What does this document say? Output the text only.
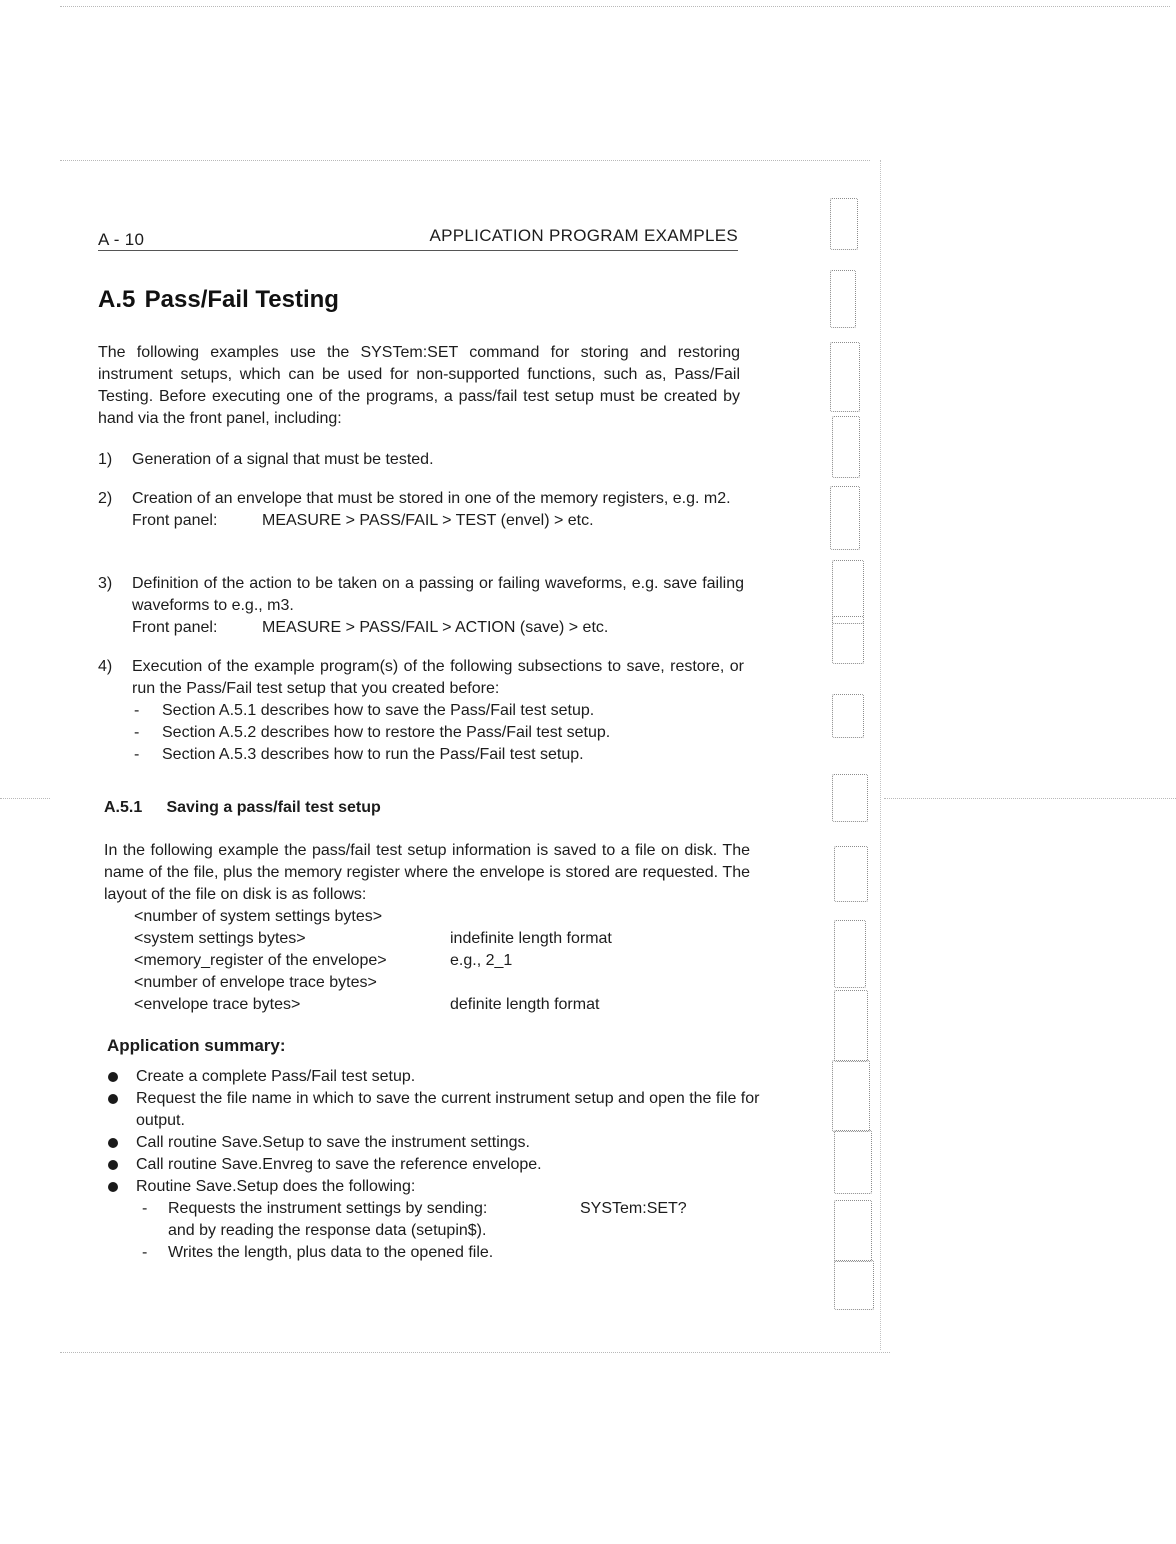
A - 10	APPLICATION PROGRAM EXAMPLES
A.5 Pass/Fail Testing
The following examples use the SYSTem:SET command for storing and restoring instrument setups, which can be used for non-supported functions, such as, Pass/Fail Testing. Before executing one of the programs, a pass/fail test setup must be created by hand via the front panel, including:
1) Generation of a signal that must be tested.
2) Creation of an envelope that must be stored in one of the memory registers, e.g. m2.
Front panel:	MEASURE > PASS/FAIL > TEST (envel) > etc.
3) Definition of the action to be taken on a passing or failing waveforms, e.g. save failing waveforms to e.g., m3.
Front panel:	MEASURE > PASS/FAIL > ACTION (save) > etc.
4) Execution of the example program(s) of the following subsections to save, restore, or run the Pass/Fail test setup that you created before:
- Section A.5.1 describes how to save the Pass/Fail test setup.
- Section A.5.2 describes how to restore the Pass/Fail test setup.
- Section A.5.3 describes how to run the Pass/Fail test setup.
A.5.1 Saving a pass/fail test setup
In the following example the pass/fail test setup information is saved to a file on disk. The name of the file, plus the memory register where the envelope is stored are requested. The layout of the file on disk is as follows:
<number of system settings bytes>
<system settings bytes>	indefinite length format
<memory_register of the envelope>	e.g., 2_1
<number of envelope trace bytes>
<envelope trace bytes>	definite length format
Application summary:
Create a complete Pass/Fail test setup.
Request the file name in which to save the current instrument setup and open the file for output.
Call routine Save.Setup to save the instrument settings.
Call routine Save.Envreg to save the reference envelope.
Routine Save.Setup does the following:
- Requests the instrument settings by sending:	SYSTem:SET?
and by reading the response data (setupin$).
- Writes the length, plus data to the opened file.
